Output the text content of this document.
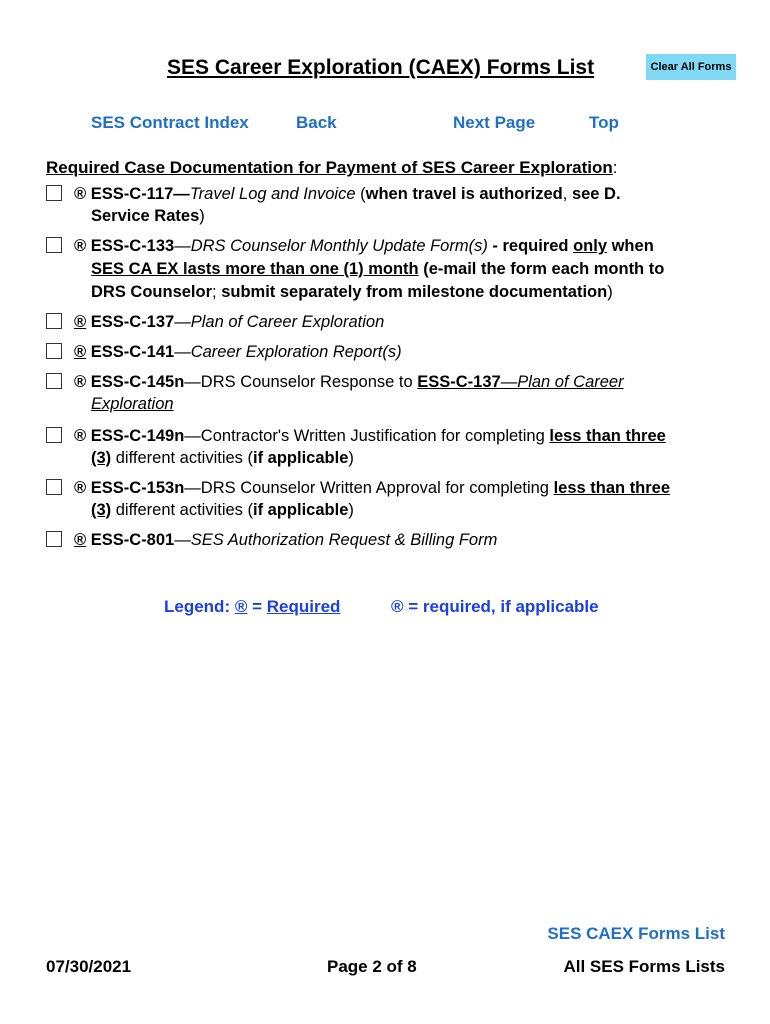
SES Career Exploration (CAEX) Forms List	Clear All Forms
SES Contract Index	Back	Next Page	Top
Required Case Documentation for Payment of SES Career Exploration:
® ESS-C-117—Travel Log and Invoice (when travel is authorized, see D.
Service Rates)
® ESS-C-133—DRS Counselor Monthly Update Form(s) - required only when
SES CA EX lasts more than one (1) month (e-mail the form each month to
DRS Counselor; submit separately from milestone documentation)
® ESS-C-137—Plan of Career Exploration
® ESS-C-141—Career Exploration Report(s)
® ESS-C-145n—DRS Counselor Response to ESS-C-137—Plan of Career
Exploration
® ESS-C-149n—Contractor's Written Justification for completing less than three
(3) different activities (if applicable)
® ESS-C-153n—DRS Counselor Written Approval for completing less than three
(3) different activities (if applicable)
® ESS-C-801—SES Authorization Request & Billing Form
Legend: ® = Required	® = required, if applicable
07/30/2021	Page 2 of 8
SES CAEX Forms List
All SES Forms Lists
